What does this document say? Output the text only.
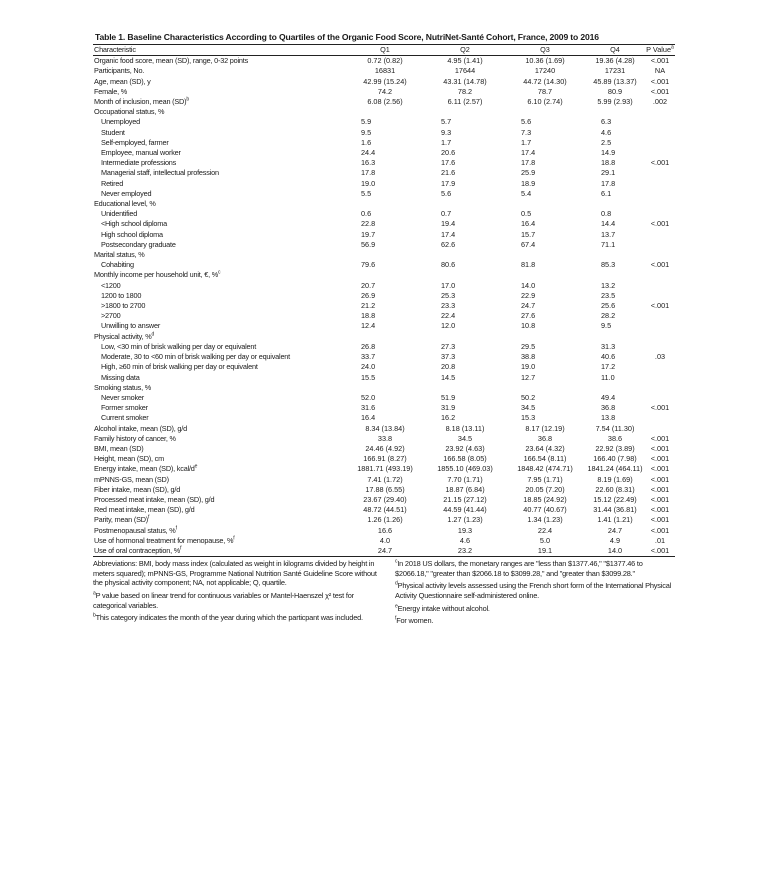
Table 1. Baseline Characteristics According to Quartiles of the Organic Food Score, NutriNet-Santé Cohort, France, 2009 to 2016
Characteristic	Q1	Q2	Q3	Q4	P Value$^a$
Organic food score, mean (SD), range, 0-32 points	0.72 (0.82)	4.95 (1.41)	10.36 (1.69)	19.36 (4.28)	<.001
Participants, No.	16831	17644	17240	17231	NA
Age, mean (SD), y	42.99 (15.24)	43.31 (14.78)	44.72 (14.30)	45.89 (13.37)	<.001
Female, %	74.2	78.2	78.7	80.9	<.001
Month of inclusion, mean (SD)$^b$	6.08 (2.56)	6.11 (2.57)	6.10 (2.74)	5.99 (2.93)	.002
Occupational status, %					
Unemployed	5.9	5.7	5.6	6.3	
Student	9.5	9.3	7.3	4.6	
Self-employed, farmer	1.6	1.7	1.7	2.5	
Employee, manual worker	24.4	20.6	17.4	14.9	
Intermediate professions	16.3	17.6	17.8	18.8	<.001
Managerial staff, intellectual profession	17.8	21.6	25.9	29.1	
Retired	19.0	17.9	18.9	17.8	
Never employed	5.5	5.6	5.4	6.1	
Educational level, %					
Unidentified	0.6	0.7	0.5	0.8	
<High school diploma	22.8	19.4	16.4	14.4	<.001
High school diploma	19.7	17.4	15.7	13.7	
Postsecondary graduate	56.9	62.6	67.4	71.1	
Marital status, %					
Cohabiting	79.6	80.6	81.8	85.3	<.001
Monthly income per household unit, €, %$^c$					
<1200	20.7	17.0	14.0	13.2	
1200 to 1800	26.9	25.3	22.9	23.5	
>1800 to 2700	21.2	23.3	24.7	25.6	<.001
>2700	18.8	22.4	27.6	28.2	
Unwilling to answer	12.4	12.0	10.8	9.5	
Physical activity, %$^d$					
Low, <30 min of brisk walking per day or equivalent	26.8	27.3	29.5	31.3	
Moderate, 30 to <60 min of brisk walking per day or equivalent	33.7	37.3	38.8	40.6	.03
High, ≥60 min of brisk walking per day or equivalent	24.0	20.8	19.0	17.2	
Missing data	15.5	14.5	12.7	11.0	
Smoking status, %					
Never smoker	52.0	51.9	50.2	49.4	
Former smoker	31.6	31.9	34.5	36.8	<.001
Current smoker	16.4	16.2	15.3	13.8	
Alcohol intake, mean (SD), g/d	8.34 (13.84)	8.18 (13.11)	8.17 (12.19)	7.54 (11.30)	
Family history of cancer, %	33.8	34.5	36.8	38.6	<.001
BMI, mean (SD)	24.46 (4.92)	23.92 (4.63)	23.64 (4.32)	22.92 (3.89)	<.001
Height, mean (SD), cm	166.91 (8.27)	166.58 (8.05)	166.54 (8.11)	166.40 (7.98)	<.001
Energy intake, mean (SD), kcal/$d^e$	1881.71 (493.19)	1855.10 (469.03)	1848.42 (474.71)	1841.24 (464.11)	<.001
mPNNS-GS, mean (SD)	7.41 (1.72)	7.70 (1.71)	7.95 (1.71)	8.19 (1.69)	<.001
Fiber intake, mean (SD), g/d	17.88 (6.55)	18.87 (6.84)	20.05 (7.20)	22.60 (8.31)	<.001
Processed meat intake, mean (SD), g/d	23.67 (29.40)	21.15 (27.12)	18.85 (24.92)	15.12 (22.49)	<.001
Red meat intake, mean (SD), g/d	48.72 (44.51)	44.59 (41.44)	40.77 (40.67)	31.44 (36.81)	<.001
Parity, mean (SD)$^f$	1.26 (1.26)	1.27 (1.23)	1.34 (1.23)	1.41 (1.21)	<.001
Postmenopausal status, %$^f$	16.6	19.3	22.4	24.7	<.001
Use of hormonal treatment for menopause, %$^f$	4.0	4.6	5.0	4.9	.01
Use of oral contraception, %$^f$	24.7	23.2	19.1	14.0	<.001
Abbreviations: BMI, body mass index (calculated as weight in kilograms divided by height in meters squared); mPNNS-GS, Programme National Nutrition Santé Guideline Score without the physical activity component; NA, not applicable; Q, quartile.
$^a$P value based on linear trend for continuous variables or Mantel-Haenszel χ² test for categorical variables.
$^b$This category indicates the month of the year during which the particpant was included.
$^c$In 2018 US dollars, the monetary ranges are "less than $1377.46," "$1377.46 to $2066.18," "greater than $2066.18 to $3099.28," and "greater than $3099.28."
$^d$Physical activity levels assessed using the French short form of the International Physical Activity Questionnaire self-administered online.
$^e$Energy intake without alcohol.
$^f$For women.
